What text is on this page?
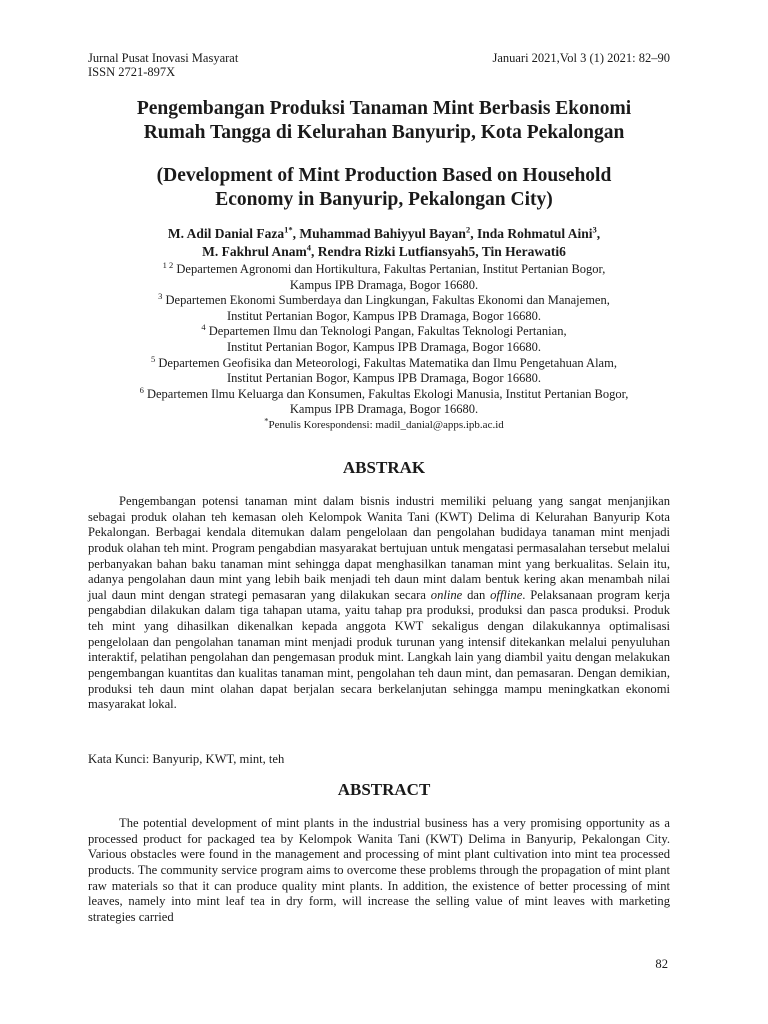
Jurnal Pusat Inovasi Masyarat
ISSN 2721-897X
Januari 2021,Vol 3 (1) 2021: 82–90
Pengembangan Produksi Tanaman Mint Berbasis Ekonomi
Rumah Tangga di Kelurahan Banyurip, Kota Pekalongan
(Development of Mint Production Based on Household
Economy in Banyurip, Pekalongan City)
M. Adil Danial Faza$^{1*}$, Muhammad Bahiyyul Bayan$^2$, Inda Rohmatul Aini$^3$,
M. Fakhrul Anam$^4$, Rendra Rizki Lutfiansyah5, Tin Herawati6
$^{1 2}$ Departemen Agronomi dan Hortikultura, Fakultas Pertanian, Institut Pertanian Bogor,
Kampus IPB Dramaga, Bogor 16680.
$^3$ Departemen Ekonomi Sumberdaya dan Lingkungan, Fakultas Ekonomi dan Manajemen,
Institut Pertanian Bogor, Kampus IPB Dramaga, Bogor 16680.
$^4$ Departemen Ilmu dan Teknologi Pangan, Fakultas Teknologi Pertanian,
Institut Pertanian Bogor, Kampus IPB Dramaga, Bogor 16680.
$^5$ Departemen Geofisika dan Meteorologi, Fakultas Matematika dan Ilmu Pengetahuan Alam,
Institut Pertanian Bogor, Kampus IPB Dramaga, Bogor 16680.
$^6$ Departemen Ilmu Keluarga dan Konsumen, Fakultas Ekologi Manusia, Institut Pertanian Bogor,
Kampus IPB Dramaga, Bogor 16680.
*Penulis Korespondensi: madil_danial@apps.ipb.ac.id
ABSTRAK
Pengembangan potensi tanaman mint dalam bisnis industri memiliki peluang yang sangat menjanjikan sebagai produk olahan teh kemasan oleh Kelompok Wanita Tani (KWT) Delima di Kelurahan Banyurip Kota Pekalongan. Berbagai kendala ditemukan dalam pengelolaan dan pengolahan budidaya tanaman mint menjadi produk olahan teh mint. Program pengabdian masyarakat bertujuan untuk mengatasi permasalahan tersebut melalui perbanyakan bahan baku tanaman mint sehingga dapat menghasilkan tanaman mint yang berkualitas. Selain itu, adanya pengolahan daun mint yang lebih baik menjadi teh daun mint dalam bentuk kering akan menambah nilai jual daun mint dengan strategi pemasaran yang dilakukan secara online dan offline. Pelaksanaan program kerja pengabdian dilakukan dalam tiga tahapan utama, yaitu tahap pra produksi, produksi dan pasca produksi. Produk teh mint yang dihasilkan dikenalkan kepada anggota KWT sekaligus dengan dilakukannya optimalisasi pengelolaan dan pengolahan tanaman mint menjadi produk turunan yang intensif ditekankan melalui penyuluhan interaktif, pelatihan pengolahan dan pengemasan produk mint. Langkah lain yang diambil yaitu dengan melakukan pengembangan kuantitas dan kualitas tanaman mint, pengolahan teh daun mint, dan pemasaran. Dengan demikian, produksi teh daun mint olahan dapat berjalan secara berkelanjutan sehingga mampu meningkatkan ekonomi masyarakat lokal.
Kata Kunci: Banyurip, KWT, mint, teh
ABSTRACT
The potential development of mint plants in the industrial business has a very promising opportunity as a processed product for packaged tea by Kelompok Wanita Tani (KWT) Delima in Banyurip, Pekalongan City. Various obstacles were found in the management and processing of mint plant cultivation into mint tea processed products. The community service program aims to overcome these problems through the propagation of mint plant raw materials so that it can produce quality mint plants. In addition, the existence of better processing of mint leaves, namely into mint leaf tea in dry form, will increase the selling value of mint leaves with marketing strategies carried
82
